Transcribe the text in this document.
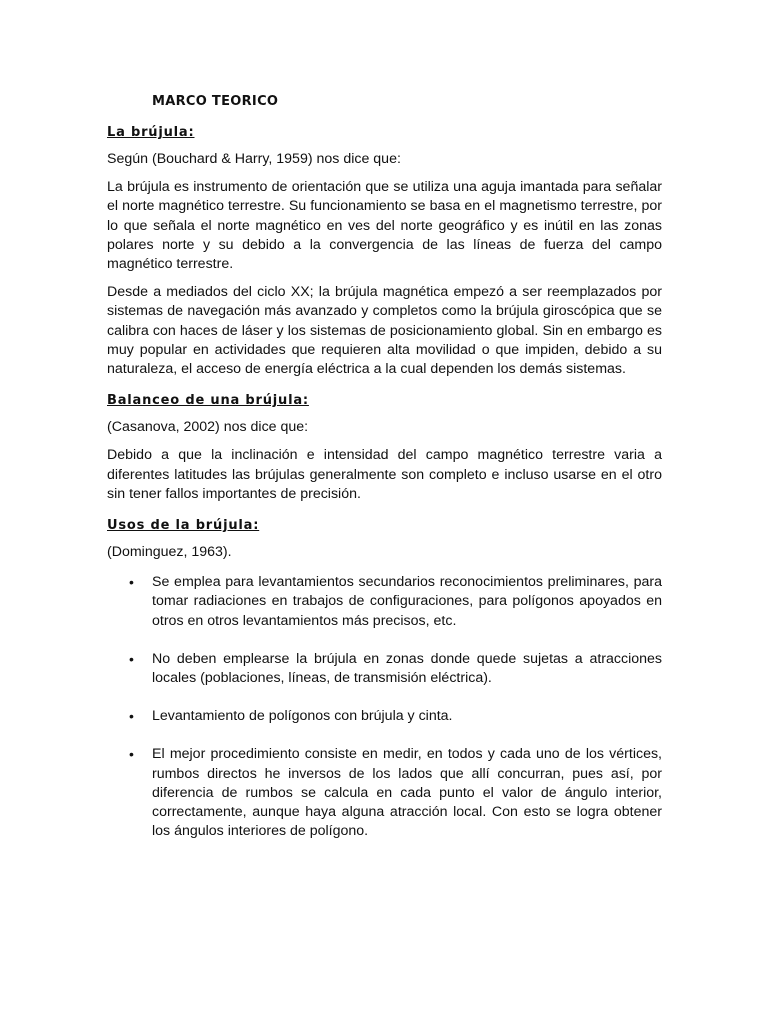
MARCO TEORICO
La brújula:

Según (Bouchard & Harry, 1959) nos dice que:

La brújula es instrumento de orientación que se utiliza una aguja imantada para señalar el norte magnético terrestre. Su funcionamiento se basa en el magnetismo terrestre, por lo que señala el norte magnético en ves del norte geográfico y es inútil en las zonas polares norte y su debido a la convergencia de las líneas de fuerza del campo magnético terrestre.

Desde a mediados del ciclo XX; la brújula magnética empezó a ser reemplazados por sistemas de navegación más avanzado y completos como la brújula giroscópica que se calibra con haces de láser y los sistemas de posicionamiento global. Sin en embargo es muy popular en actividades que requieren alta movilidad o que impiden, debido a su naturaleza, el acceso de energía eléctrica a la cual dependen los demás sistemas.

Balanceo de una brújula:

(Casanova, 2002) nos dice que:

Debido a que la inclinación e intensidad del campo magnético terrestre varia a diferentes latitudes las brújulas generalmente son completo e incluso usarse en el otro sin tener fallos importantes de precisión.

Usos de la brújula:

(Dominguez, 1963).

• Se emplea para levantamientos secundarios reconocimientos preliminares, para tomar radiaciones en trabajos de configuraciones, para polígonos apoyados en otros en otros levantamientos más precisos, etc.
• No deben emplearse la brújula en zonas donde quede sujetas a atracciones locales (poblaciones, líneas, de transmisión eléctrica).
• Levantamiento de polígonos con brújula y cinta.
• El mejor procedimiento consiste en medir, en todos y cada uno de los vértices, rumbos directos he inversos de los lados que allí concurran, pues así, por diferencia de rumbos se calcula en cada punto el valor de ángulo interior, correctamente, aunque haya alguna atracción local. Con esto se logra obtener los ángulos interiores de polígono.
